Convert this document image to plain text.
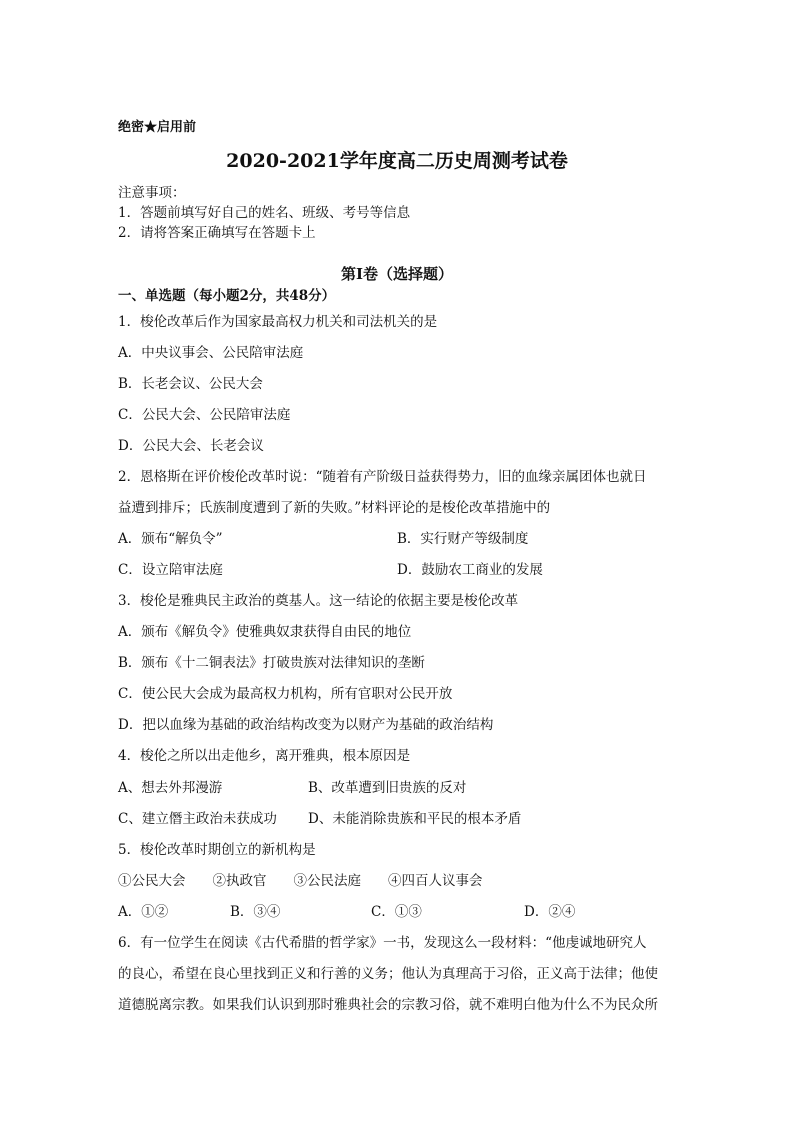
绝密★启用前
2020-2021学年度高二历史周测考试卷
注意事项：
1．答题前填写好自己的姓名、班级、考号等信息
2．请将答案正确填写在答题卡上
第I卷（选择题）
一、单选题（每小题2分，共48分）
1．梭伦改革后作为国家最高权力机关和司法机关的是
A．中央议事会、公民陪审法庭
B．长老会议、公民大会
C．公民大会、公民陪审法庭
D．公民大会、长老会议
2．恩格斯在评价梭伦改革时说：“随着有产阶级日益获得势力，旧的血缘亲属团体也就日
益遭到排斥；氏族制度遭到了新的失败。”材料评论的是梭伦改革措施中的
A．颁布“解负令”	B．实行财产等级制度
C．设立陪审法庭	D．鼓励农工商业的发展
3．梭伦是雅典民主政治的奠基人。这一结论的依据主要是梭伦改革
A．颁布《解负令》使雅典奴隶获得自由民的地位
B．颁布《十二铜表法》打破贵族对法律知识的垄断
C．使公民大会成为最高权力机构，所有官职对公民开放
D．把以血缘为基础的政治结构改变为以财产为基础的政治结构
4．梭伦之所以出走他乡，离开雅典，根本原因是
A、想去外邦漫游	B、改革遭到旧贵族的反对
C、建立僭主政治未获成功 D、未能消除贵族和平民的根本矛盾
5．梭伦改革时期创立的新机构是
①公民大会　　②执政官　　③公民法庭　　④四百人议事会
A．①②	B．③④	C．①③	D．②④
6．有一位学生在阅读《古代希腊的哲学家》一书，发现这么一段材料：“他虔诚地研究人
的良心，希望在良心里找到正义和行善的义务；他认为真理高于习俗，正义高于法律；他使
道德脱离宗教。如果我们认识到那时雅典社会的宗教习俗，就不难明白他为什么不为民众所
